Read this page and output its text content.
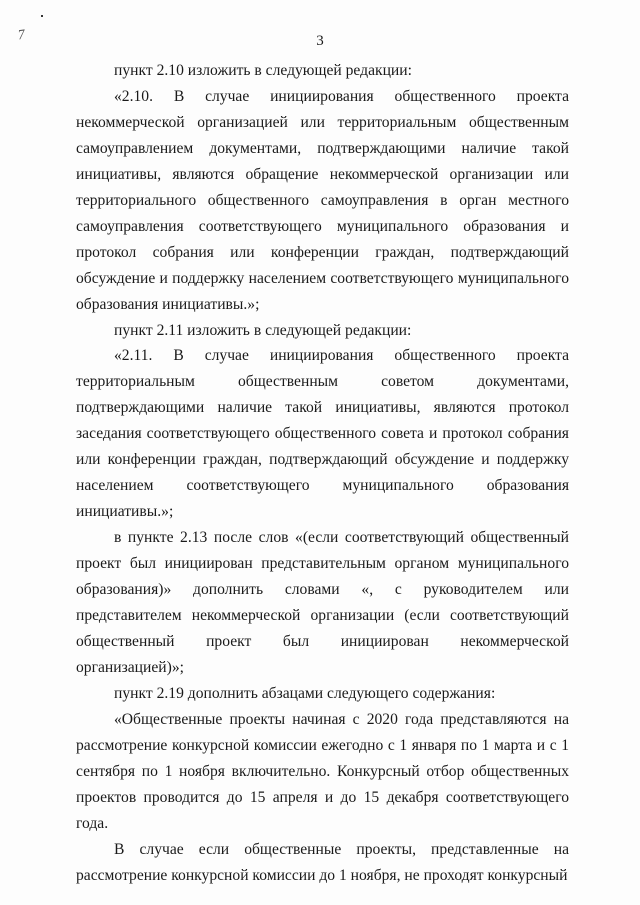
7	3

пункт 2.10 изложить в следующей редакции:

«2.10. В случае инициирования общественного проекта некоммерческой организацией или территориальным общественным самоуправлением документами, подтверждающими наличие такой инициативы, являются обращение некоммерческой организации или территориального общественного самоуправления в орган местного самоуправления соответствующего муниципального образования и протокол собрания или конференции граждан, подтверждающий обсуждение и поддержку населением соответствующего муниципального образования инициативы.»;

пункт 2.11 изложить в следующей редакции:

«2.11. В случае инициирования общественного проекта территориальным общественным советом документами, подтверждающими наличие такой инициативы, являются протокол заседания соответствующего общественного совета и протокол собрания или конференции граждан, подтверждающий обсуждение и поддержку населением соответствующего муниципального образования инициативы.»;

в пункте 2.13 после слов «(если соответствующий общественный проект был инициирован представительным органом муниципального образования)» дополнить словами «, с руководителем или представителем некоммерческой организации (если соответствующий общественный проект был инициирован некоммерческой организацией)»;

пункт 2.19 дополнить абзацами следующего содержания:

«Общественные проекты начиная с 2020 года представляются на рассмотрение конкурсной комиссии ежегодно с 1 января по 1 марта и с 1 сентября по 1 ноября включительно. Конкурсный отбор общественных проектов проводится до 15 апреля и до 15 декабря соответствующего года.

В случае если общественные проекты, представленные на рассмотрение конкурсной комиссии до 1 ноября, не проходят конкурсный
